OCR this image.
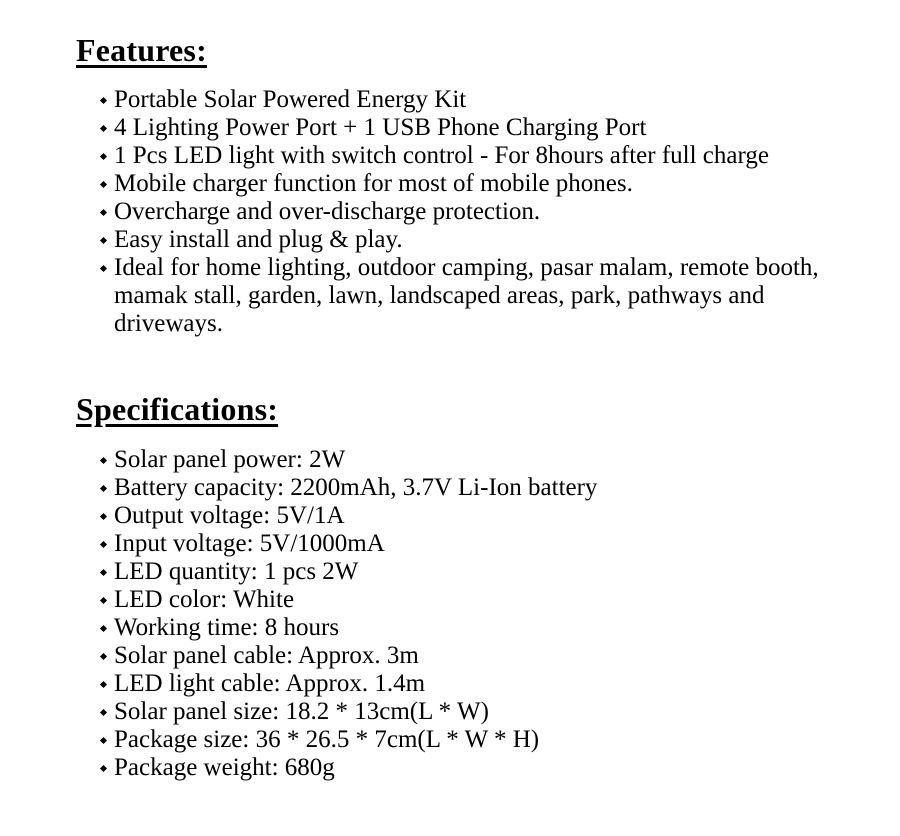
Features:
Portable Solar Powered Energy Kit
4 Lighting Power Port + 1 USB Phone Charging Port
1 Pcs LED light with switch control - For 8hours after full charge
Mobile charger function for most of mobile phones.
Overcharge and over-discharge protection.
Easy install and plug & play.
Ideal for home lighting, outdoor camping, pasar malam, remote booth, mamak stall, garden, lawn, landscaped areas, park, pathways and driveways.
Specifications:
Solar panel power: 2W
Battery capacity: 2200mAh, 3.7V Li-Ion battery
Output voltage: 5V/1A
Input voltage: 5V/1000mA
LED quantity: 1 pcs 2W
LED color: White
Working time: 8 hours
Solar panel cable: Approx. 3m
LED light cable: Approx. 1.4m
Solar panel size: 18.2 * 13cm(L * W)
Package size: 36 * 26.5 * 7cm(L * W * H)
Package weight: 680g
